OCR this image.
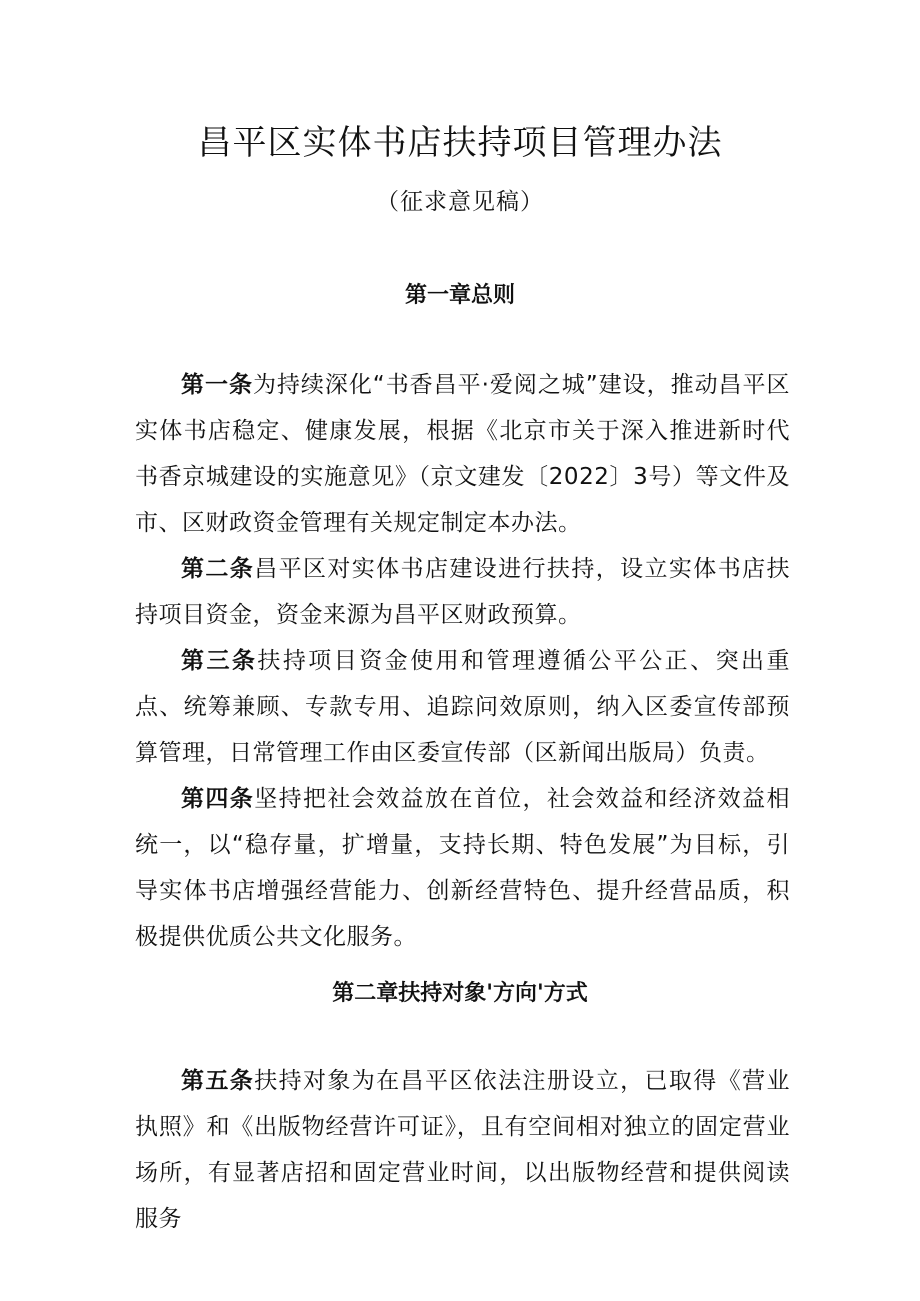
昌平区实体书店扶持项目管理办法
（征求意见稿）
第一章总则

第一条为持续深化“书香昌平·爱阅之城”建设，推动昌平区实体书店稳定、健康发展，根据《北京市关于深入推进新时代书香京城建设的实施意见》（京文建发〔2022〕3号）等文件及市、区财政资金管理有关规定制定本办法。

第二条昌平区对实体书店建设进行扶持，设立实体书店扶持项目资金，资金来源为昌平区财政预算。

第三条扶持项目资金使用和管理遵循公平公正、突出重点、统筹兼顾、专款专用、追踪问效原则，纳入区委宣传部预算管理，日常管理工作由区委宣传部（区新闻出版局）负责。

第四条坚持把社会效益放在首位，社会效益和经济效益相统一，以“稳存量，扩增量，支持长期、特色发展”为目标，引导实体书店增强经营能力、创新经营特色、提升经营品质，积极提供优质公共文化服务。

第二章扶持对象'方向'方式

第五条扶持对象为在昌平区依法注册设立，已取得《营业执照》和《出版物经营许可证》，且有空间相对独立的固定营业场所，有显著店招和固定营业时间，以出版物经营和提供阅读服务
